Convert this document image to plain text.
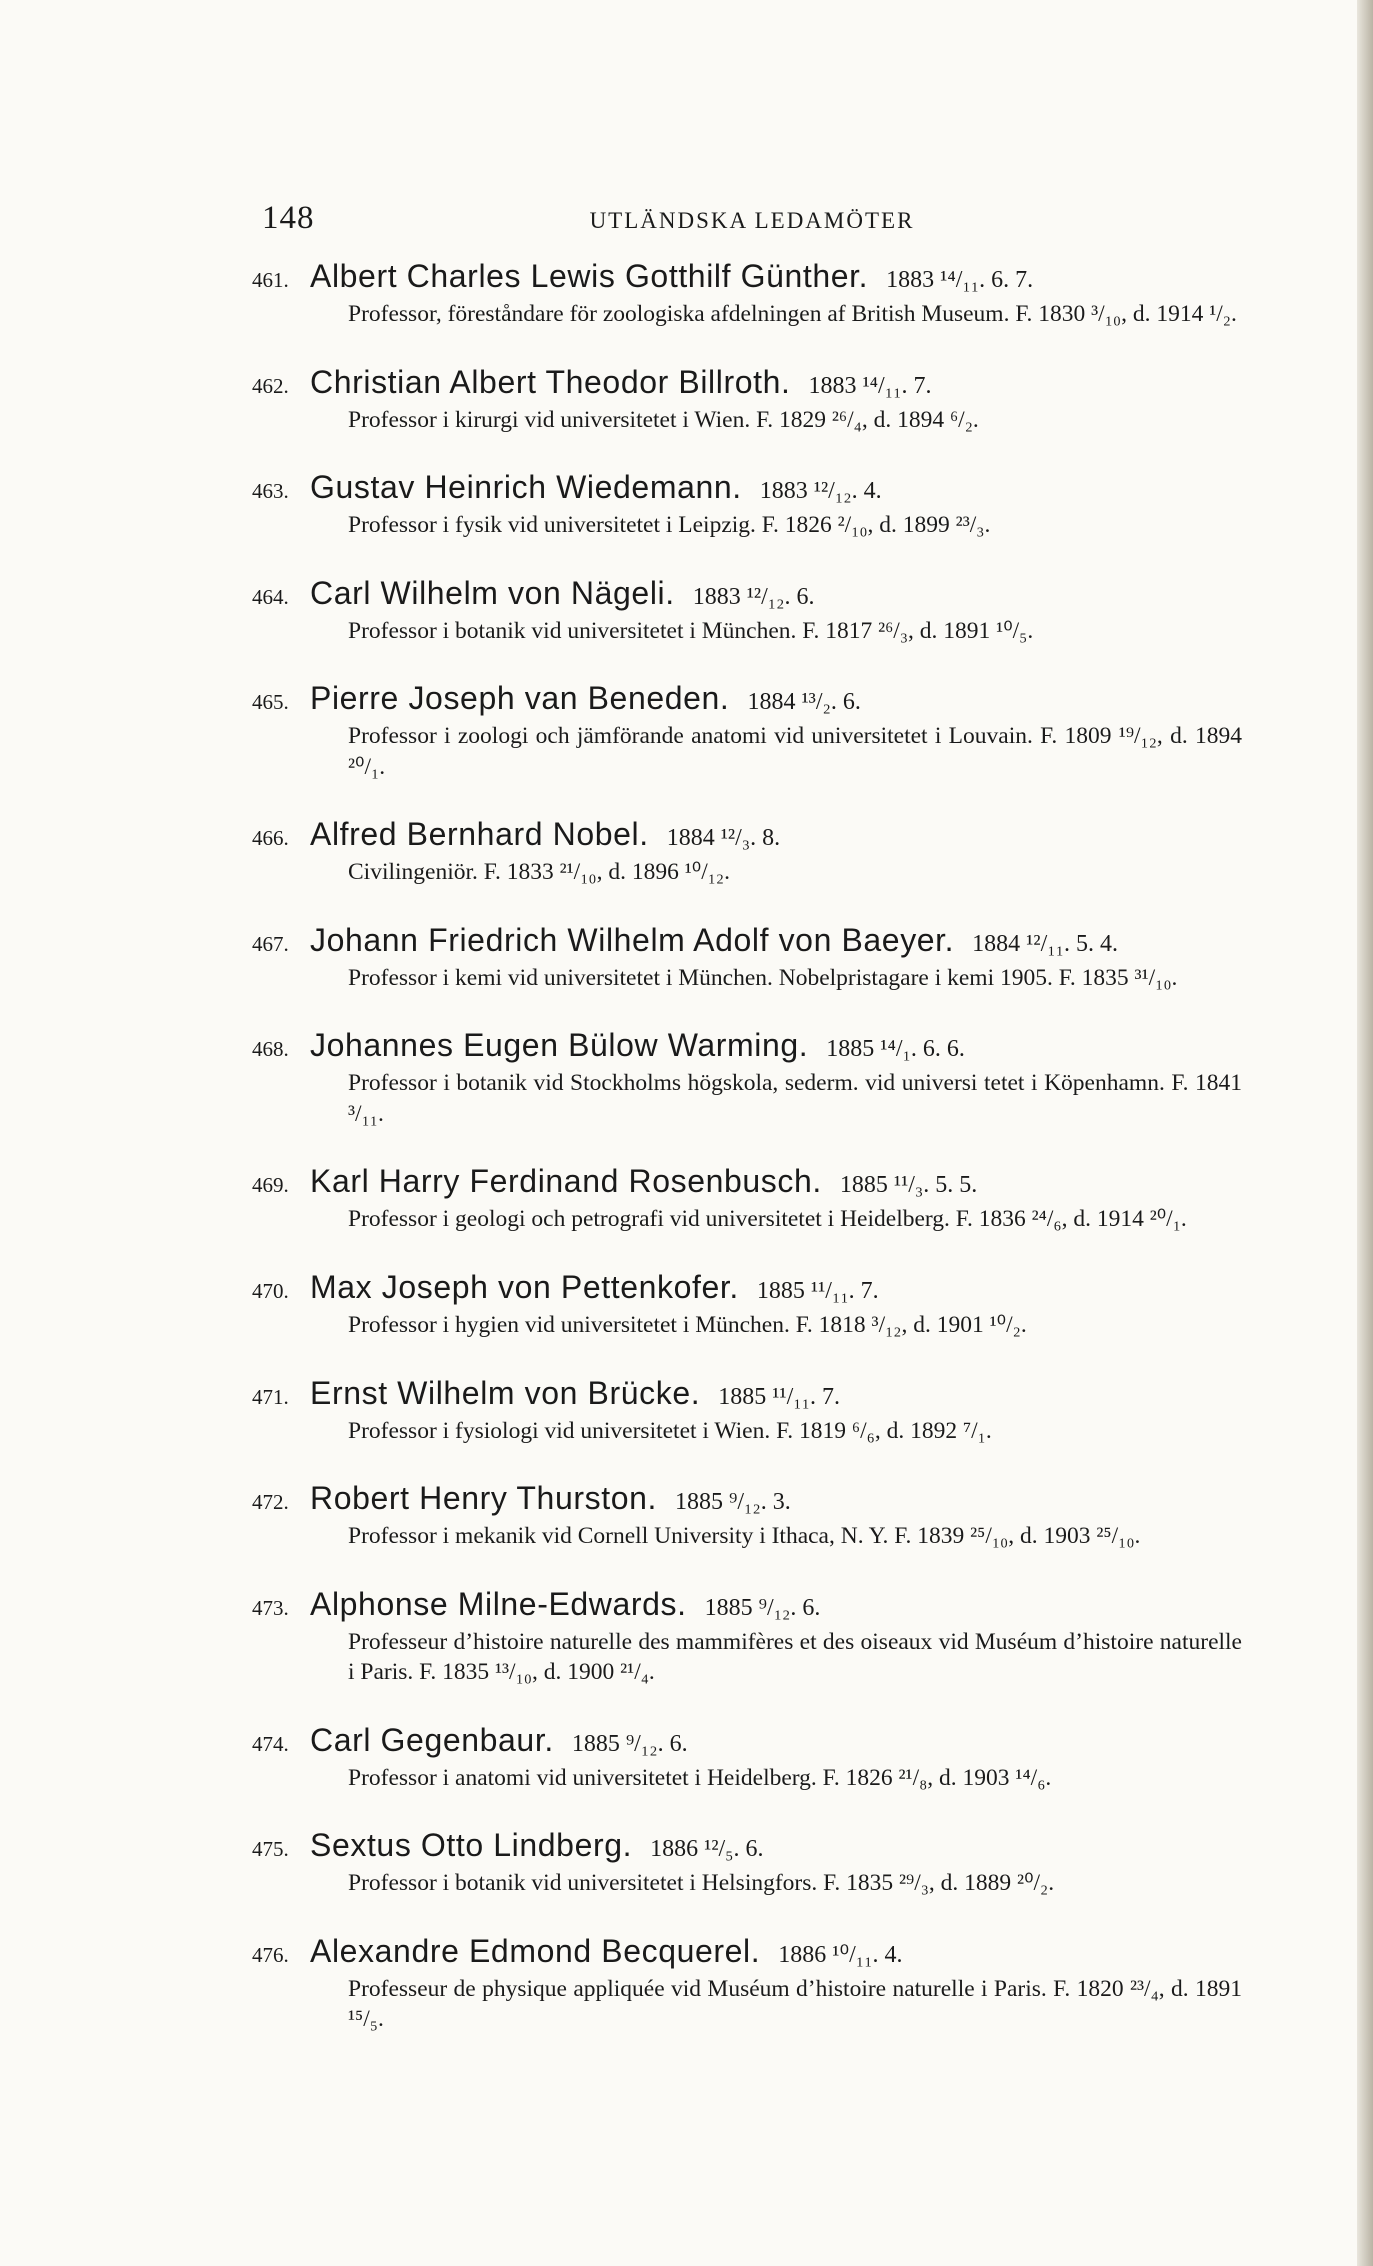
148	UTLÄNDSKA LEDAMÖTER
461. Albert Charles Lewis Gotthilf Günther. 1883 ¹⁴/₁₁. 6. 7.
Professor, föreståndare för zoologiska afdelningen af British Museum. F. 1830 ³/₁₀, d. 1914 ¹/₂.
462. Christian Albert Theodor Billroth. 1883 ¹⁴/₁₁. 7.
Professor i kirurgi vid universitetet i Wien. F. 1829 ²⁶/₄, d. 1894 ⁶/₂.
463. Gustav Heinrich Wiedemann. 1883 ¹²/₁₂. 4.
Professor i fysik vid universitetet i Leipzig. F. 1826 ²/₁₀, d. 1899 ²³/₃.
464. Carl Wilhelm von Nägeli. 1883 ¹²/₁₂. 6.
Professor i botanik vid universitetet i München. F. 1817 ²⁶/₃, d. 1891 ¹⁰/₅.
465. Pierre Joseph van Beneden. 1884 ¹³/₂. 6.
Professor i zoologi och jämförande anatomi vid universitetet i Louvain. F. 1809 ¹⁹/₁₂, d. 1894 ²⁰/₁.
466. Alfred Bernhard Nobel. 1884 ¹²/₃. 8.
Civilingeniör. F. 1833 ²¹/₁₀, d. 1896 ¹⁰/₁₂.
467. Johann Friedrich Wilhelm Adolf von Baeyer. 1884 ¹²/₁₁. 5. 4.
Professor i kemi vid universitetet i München. Nobelpristagare i kemi 1905. F. 1835 ³¹/₁₀.
468. Johannes Eugen Bülow Warming. 1885 ¹⁴/₁. 6. 6.
Professor i botanik vid Stockholms högskola, sederm. vid universi tetet i Köpenhamn. F. 1841 ³/₁₁.
469. Karl Harry Ferdinand Rosenbusch. 1885 ¹¹/₃. 5. 5.
Professor i geologi och petrografi vid universitetet i Heidelberg. F. 1836 ²⁴/₆, d. 1914 ²⁰/₁.
470. Max Joseph von Pettenkofer. 1885 ¹¹/₁₁. 7.
Professor i hygien vid universitetet i München. F. 1818 ³/₁₂, d. 1901 ¹⁰/₂.
471. Ernst Wilhelm von Brücke. 1885 ¹¹/₁₁. 7.
Professor i fysiologi vid universitetet i Wien. F. 1819 ⁶/₆, d. 1892 ⁷/₁.
472. Robert Henry Thurston. 1885 ⁹/₁₂. 3.
Professor i mekanik vid Cornell University i Ithaca, N. Y. F. 1839 ²⁵/₁₀, d. 1903 ²⁵/₁₀.
473. Alphonse Milne-Edwards. 1885 ⁹/₁₂. 6.
Professeur d’histoire naturelle des mammifères et des oiseaux vid Muséum d’histoire naturelle i Paris. F. 1835 ¹³/₁₀, d. 1900 ²¹/₄.
474. Carl Gegenbaur. 1885 ⁹/₁₂. 6.
Professor i anatomi vid universitetet i Heidelberg. F. 1826 ²¹/₈, d. 1903 ¹⁴/₆.
475. Sextus Otto Lindberg. 1886 ¹²/₅. 6.
Professor i botanik vid universitetet i Helsingfors. F. 1835 ²⁹/₃, d. 1889 ²⁰/₂.
476. Alexandre Edmond Becquerel. 1886 ¹⁰/₁₁. 4.
Professeur de physique appliquée vid Muséum d’histoire naturelle i Paris. F. 1820 ²³/₄, d. 1891 ¹⁵/₅.
